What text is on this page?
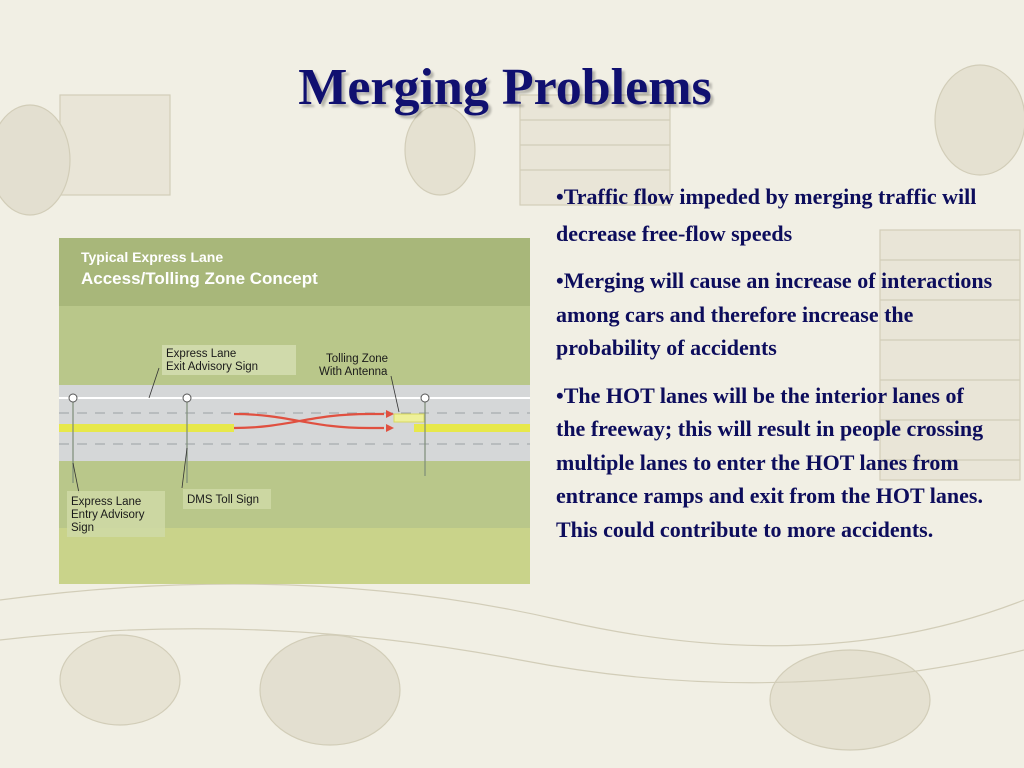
Merging Problems
Typical Express Lane
Access/Tolling Zone Concept
Express Lane
Exit Advisory Sign
Tolling Zone
With Antenna
Express Lane
Entry Advisory
Sign
DMS Toll Sign
•Traffic flow impeded by merging traffic will decrease free-flow speeds
•Merging will cause an increase of interactions among cars and therefore increase the probability of accidents
•The HOT lanes will be the interior lanes of the freeway; this will result in people crossing multiple lanes to enter the HOT lanes from entrance ramps and exit from the HOT lanes. This could contribute to more accidents.
